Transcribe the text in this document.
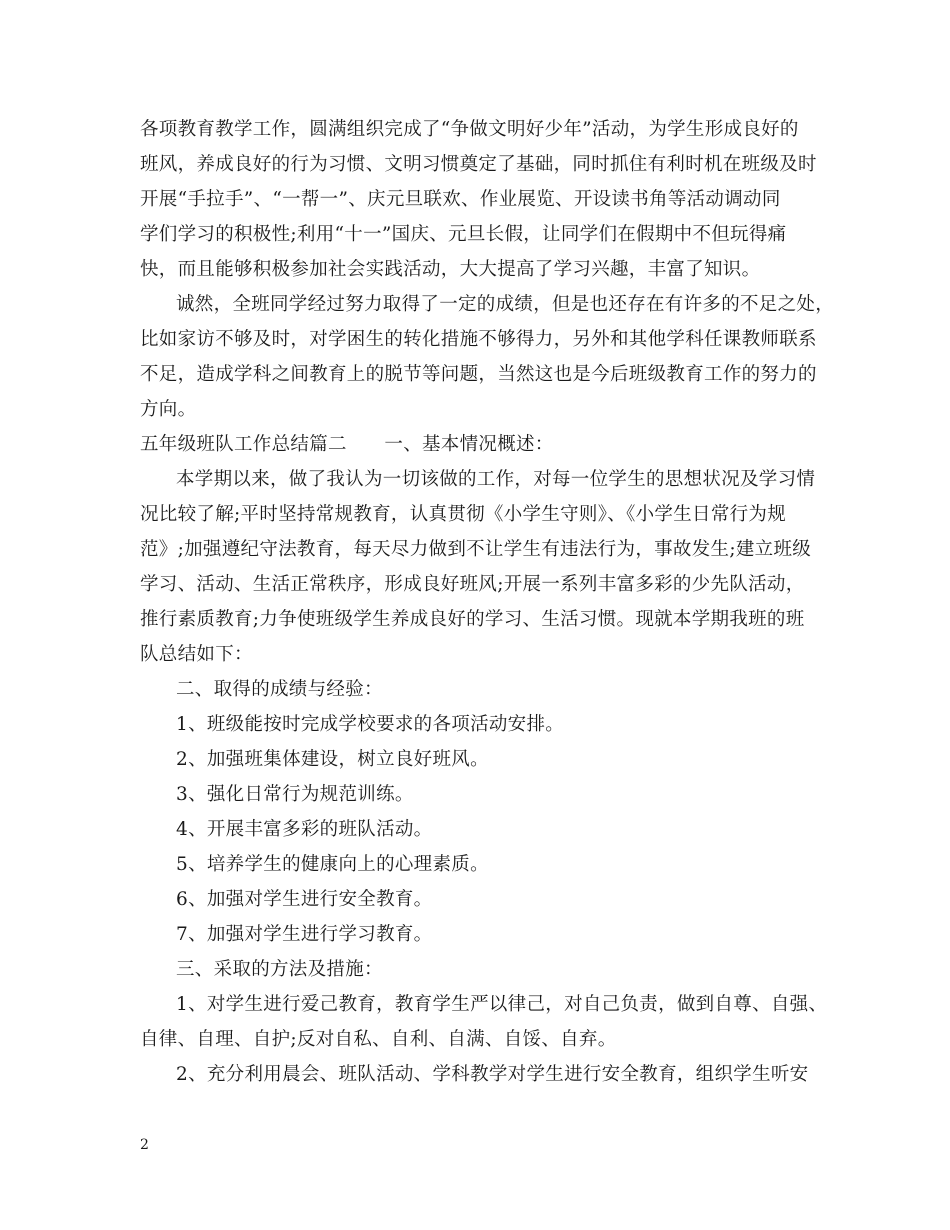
各项教育教学工作，圆满组织完成了“争做文明好少年”活动，为学生形成良好的
班风，养成良好的行为习惯、文明习惯奠定了基础，同时抓住有利时机在班级及时
开展“手拉手”、“一帮一”、庆元旦联欢、作业展览、开设读书角等活动调动同
学们学习的积极性;利用“十一”国庆、元旦长假，让同学们在假期中不但玩得痛
快，而且能够积极参加社会实践活动，大大提高了学习兴趣，丰富了知识。
诚然，全班同学经过努力取得了一定的成绩，但是也还存在有许多的不足之处，
比如家访不够及时，对学困生的转化措施不够得力，另外和其他学科任课教师联系
不足，造成学科之间教育上的脱节等问题，当然这也是今后班级教育工作的努力的
方向。
五年级班队工作总结篇二　　一、基本情况概述：
本学期以来，做了我认为一切该做的工作，对每一位学生的思想状况及学习情
况比较了解;平时坚持常规教育，认真贯彻《小学生守则》、《小学生日常行为规
范》;加强遵纪守法教育，每天尽力做到不让学生有违法行为，事故发生;建立班级
学习、活动、生活正常秩序，形成良好班风;开展一系列丰富多彩的少先队活动，
推行素质教育;力争使班级学生养成良好的学习、生活习惯。现就本学期我班的班
队总结如下：
二、取得的成绩与经验：
1、班级能按时完成学校要求的各项活动安排。
2、加强班集体建设，树立良好班风。
3、强化日常行为规范训练。
4、开展丰富多彩的班队活动。
5、培养学生的健康向上的心理素质。
6、加强对学生进行安全教育。
7、加强对学生进行学习教育。
三、采取的方法及措施：
1、对学生进行爱己教育，教育学生严以律己，对自己负责，做到自尊、自强、
自律、自理、自护;反对自私、自利、自满、自馁、自弃。
2、充分利用晨会、班队活动、学科教学对学生进行安全教育，组织学生听安
2
